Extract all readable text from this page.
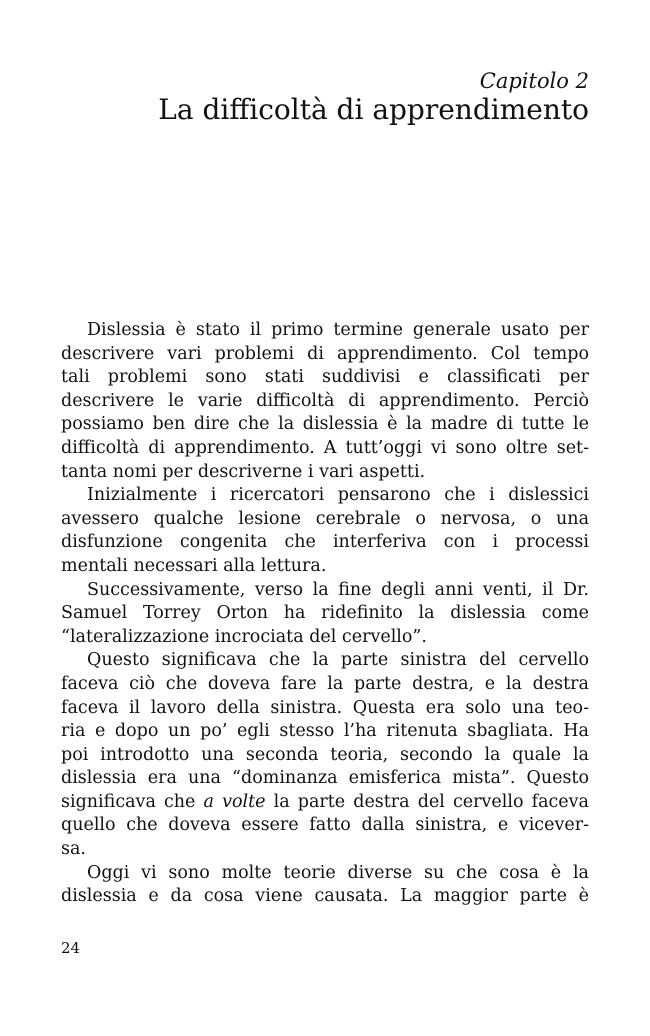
Capitolo 2
La difficoltà di apprendimento
Dislessia è stato il primo termine generale usato per
descrivere vari problemi di apprendimento. Col tempo
tali problemi sono stati suddivisi e classificati per
descrivere le varie difficoltà di apprendimento. Perciò
possiamo ben dire che la dislessia è la madre di tutte le
difficoltà di apprendimento. A tutt’oggi vi sono oltre set-
tanta nomi per descriverne i vari aspetti.
Inizialmente i ricercatori pensarono che i dislessici
avessero qualche lesione cerebrale o nervosa, o una
disfunzione congenita che interferiva con i processi
mentali necessari alla lettura.
Successivamente, verso la fine degli anni venti, il Dr.
Samuel Torrey Orton ha ridefinito la dislessia come
“lateralizzazione incrociata del cervello”.
Questo significava che la parte sinistra del cervello
faceva ciò che doveva fare la parte destra, e la destra
faceva il lavoro della sinistra. Questa era solo una teo-
ria e dopo un po’ egli stesso l’ha ritenuta sbagliata. Ha
poi introdotto una seconda teoria, secondo la quale la
dislessia era una “dominanza emisferica mista”. Questo
significava che a volte la parte destra del cervello faceva
quello che doveva essere fatto dalla sinistra, e vicever-
sa.
Oggi vi sono molte teorie diverse su che cosa è la
dislessia e da cosa viene causata. La maggior parte è
24
